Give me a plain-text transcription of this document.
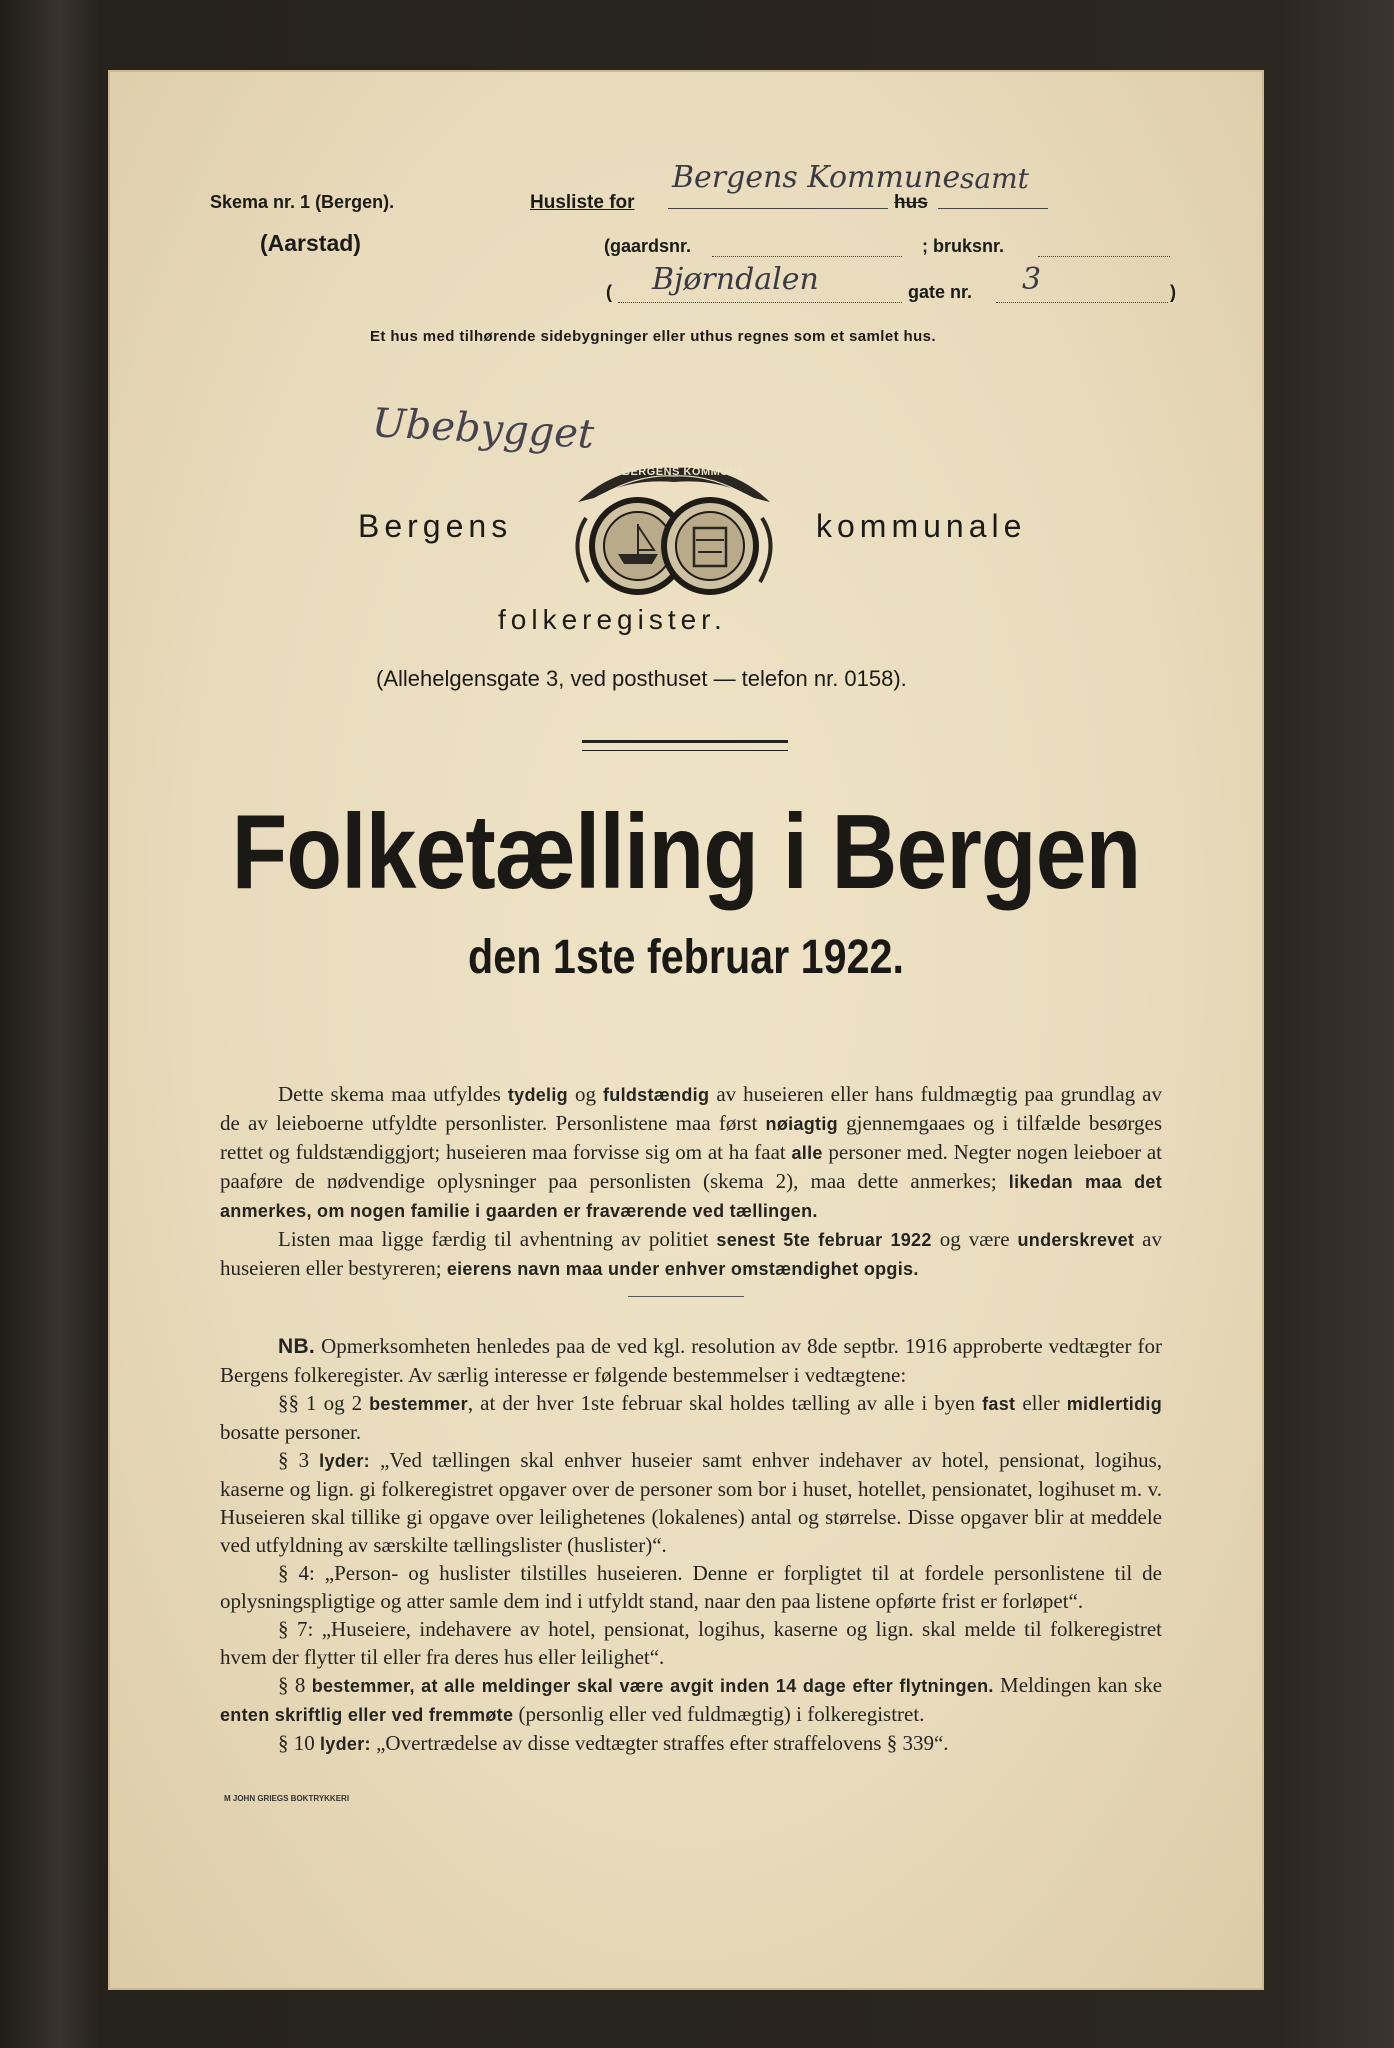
Skema nr. 1 (Bergen).	Husliste for
Bergens Kommune
hus
samt
(Aarstad)	(gaardsnr.	; bruksnr.
( Bjørndalen	gate nr. 3	)
Et hus med tilhørende sidebygninger eller uthus regnes som et samlet hus.
Ubebygget
Bergens	kommunale
BERGENS KOMMUNE
folkeregister.
(Allehelgensgate 3, ved posthuset — telefon nr. 0158).
Folketælling i Bergen
den 1ste februar 1922.

Dette skema maa utfyldes tydelig og fuldstændig av huseieren eller hans fuldmægtig paa grundlag av de av leieboerne utfyldte personlister. Personlistene maa først nøiagtig gjennemgaaes og i tilfælde besørges rettet og fuldstændiggjort; huseieren maa forvisse sig om at ha faat alle personer med. Negter nogen leieboer at paaføre de nødvendige oplysninger paa personlisten (skema 2), maa dette anmerkes; likedan maa det anmerkes, om nogen familie i gaarden er fraværende ved tællingen.

Listen maa ligge færdig til avhentning av politiet senest 5te februar 1922 og være underskrevet av huseieren eller bestyreren; eierens navn maa under enhver omstændighet opgis.

NB. Opmerksomheten henledes paa de ved kgl. resolution av 8de septbr. 1916 approberte vedtægter for Bergens folkeregister. Av særlig interesse er følgende bestemmelser i vedtægtene:

§§ 1 og 2 bestemmer, at der hver 1ste februar skal holdes tælling av alle i byen fast eller midlertidig bosatte personer.

§ 3 lyder: „Ved tællingen skal enhver huseier samt enhver indehaver av hotel, pensionat, logihus, kaserne og lign. gi folkeregistret opgaver over de personer som bor i huset, hotellet, pensionatet, logihuset m. v. Huseieren skal tillike gi opgave over leilighetenes (lokalenes) antal og størrelse. Disse opgaver blir at meddele ved utfyldning av særskilte tællingslister (huslister)“.

§ 4: „Person- og huslister tilstilles huseieren. Denne er forpligtet til at fordele personlistene til de oplysningspligtige og atter samle dem ind i utfyldt stand, naar den paa listene opførte frist er forløpet“.

§ 7: „Huseiere, indehavere av hotel, pensionat, logihus, kaserne og lign. skal melde til folkeregistret hvem der flytter til eller fra deres hus eller leilighet“.

§ 8 bestemmer, at alle meldinger skal være avgit inden 14 dage efter flytningen. Meldingen kan ske enten skriftlig eller ved fremmøte (personlig eller ved fuldmægtig) i folkeregistret.

§ 10 lyder: „Overtrædelse av disse vedtægter straffes efter straffelovens § 339“.

M JOHN GRIEGS BOKTRYKKERI
